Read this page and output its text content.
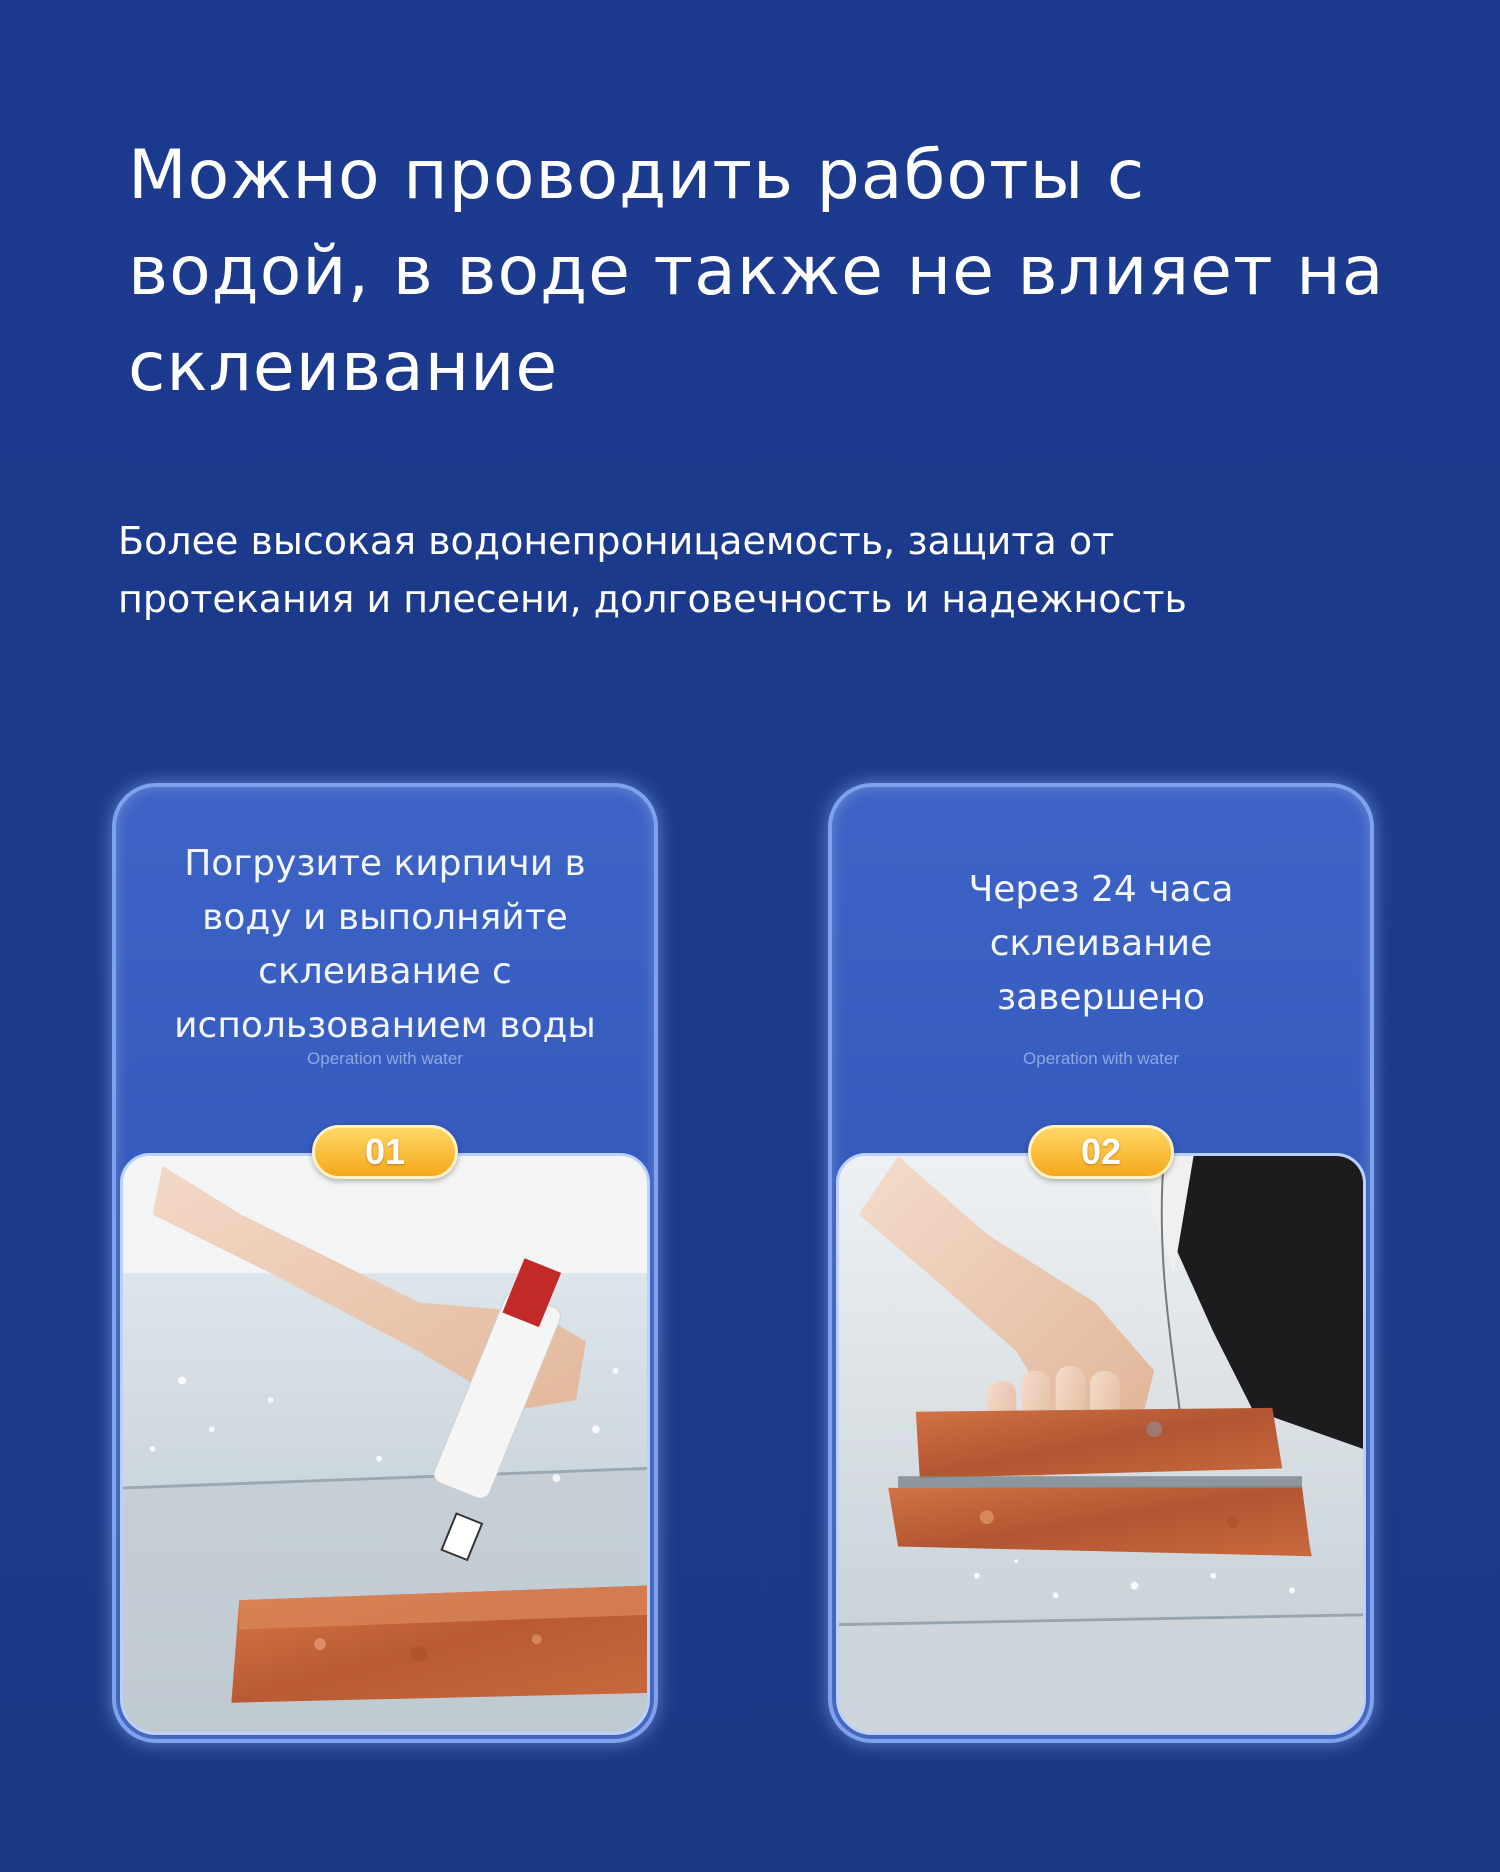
Можно проводить работы с
водой, в воде также не влияет на
склеивание

Более высокая водонепроницаемость, защита от
протекания и плесени, долговечность и надежность

Погрузите кирпичи в
воду и выполняйте
склеивание с
использованием воды

Operation with water
01

Через 24 часа
склеивание
завершено

Operation with water
02
